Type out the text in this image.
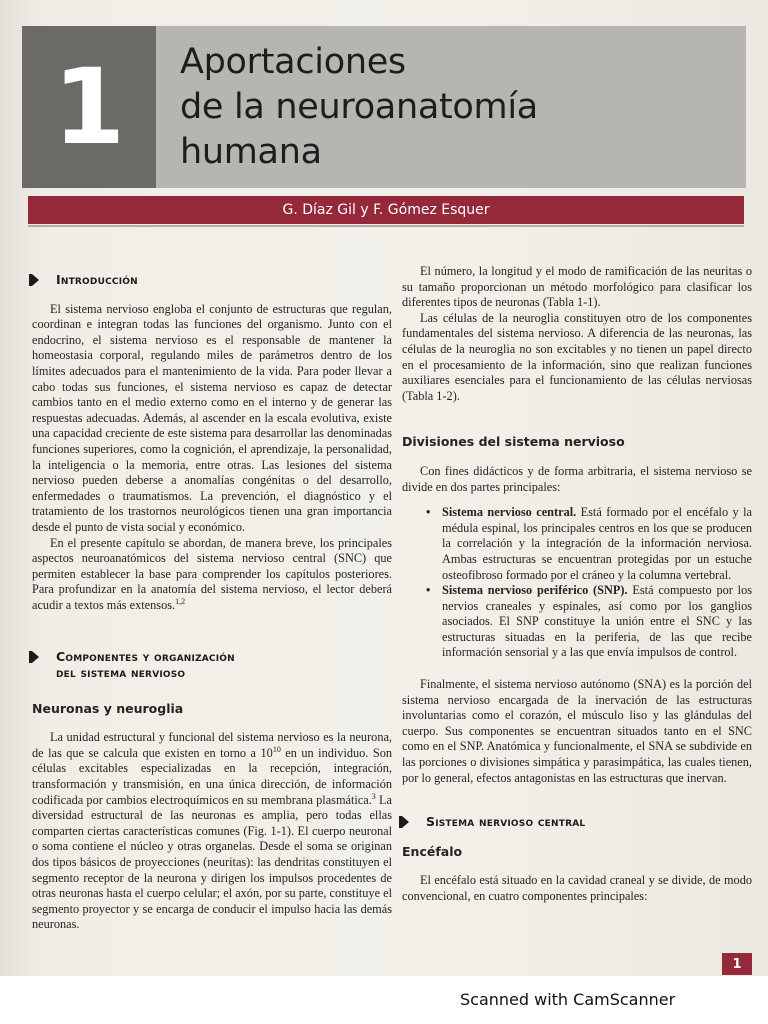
1 Aportaciones
de la neuroanatomía
humana
G. Díaz Gil y F. Gómez Esquer
Introducción

El sistema nervioso engloba el conjunto de estructuras que regulan, coordinan e integran todas las funciones del organismo. Junto con el endocrino, el sistema nervioso es el responsable de mantener la homeostasia corporal, regulando miles de parámetros dentro de los límites adecuados para el mantenimiento de la vida. Para poder llevar a cabo todas sus funciones, el sistema nervioso es capaz de detectar cambios tanto en el medio externo como en el interno y de generar las respuestas adecuadas. Además, al ascender en la escala evolutiva, existe una capacidad creciente de este sistema para desarrollar las denominadas funciones superiores, como la cognición, el aprendizaje, la personalidad, la inteligencia o la memoria, entre otras. Las lesiones del sistema nervioso pueden deberse a anomalías congénitas o del desarrollo, enfermedades o traumatismos. La prevención, el diagnóstico y el tratamiento de los trastornos neurológicos tienen una gran importancia desde el punto de vista social y económico.

En el presente capítulo se abordan, de manera breve, los principales aspectos neuroanatómicos del sistema nervioso central (SNC) que permiten establecer la base para comprender los capítulos posteriores. Para profundizar en la anatomía del sistema nervioso, el lector deberá acudir a textos más extensos.$^{1,2}$

Componentes y organización
del sistema nervioso
Neuronas y neuroglia

La unidad estructural y funcional del sistema nervioso es la neurona, de las que se calcula que existen en torno a $10^{10}$ en un individuo. Son células excitables especializadas en la recepción, integración, transformación y transmisión, en una única dirección, de información codificada por cambios electroquímicos en su membrana plasmática.$^3$ La diversidad estructural de las neuronas es amplia, pero todas ellas comparten ciertas características comunes (Fig. 1-1). El cuerpo neuronal o soma contiene el núcleo y otras organelas. Desde el soma se originan dos tipos básicos de proyecciones (neuritas): las dendritas constituyen el segmento receptor de la neurona y dirigen los impulsos procedentes de otras neuronas hasta el cuerpo celular; el axón, por su parte, constituye el segmento proyector y se encarga de conducir el impulso hacia las demás neuronas.

El número, la longitud y el modo de ramificación de las neuritas o su tamaño proporcionan un método morfológico para clasificar los diferentes tipos de neuronas (Tabla 1-1).

Las células de la neuroglia constituyen otro de los componentes fundamentales del sistema nervioso. A diferencia de las neuronas, las células de la neuroglia no son excitables y no tienen un papel directo en el procesamiento de la información, sino que realizan funciones auxiliares esenciales para el funcionamiento de las células nerviosas (Tabla 1-2).

Divisiones del sistema nervioso

Con fines didácticos y de forma arbitraria, el sistema nervioso se divide en dos partes principales:

• Sistema nervioso central. Está formado por el encéfalo y la médula espinal, los principales centros en los que se producen la correlación y la integración de la información nerviosa. Ambas estructuras se encuentran protegidas por un estuche osteofibroso formado por el cráneo y la columna vertebral.
• Sistema nervioso periférico (SNP). Está compuesto por los nervios craneales y espinales, así como por los ganglios asociados. El SNP constituye la unión entre el SNC y las estructuras situadas en la periferia, de las que recibe información sensorial y a las que envía impulsos de control.

Finalmente, el sistema nervioso autónomo (SNA) es la porción del sistema nervioso encargada de la inervación de las estructuras involuntarias como el corazón, el músculo liso y las glándulas del cuerpo. Sus componentes se encuentran situados tanto en el SNC como en el SNP. Anatómica y funcionalmente, el SNA se subdivide en las porciones o divisiones simpática y parasimpática, las cuales tienen, por lo general, efectos antagonistas en las estructuras que inervan.

Sistema nervioso central
Encéfalo

El encéfalo está situado en la cavidad craneal y se divide, de modo convencional, en cuatro componentes principales:

1
Scanned with CamScanner
